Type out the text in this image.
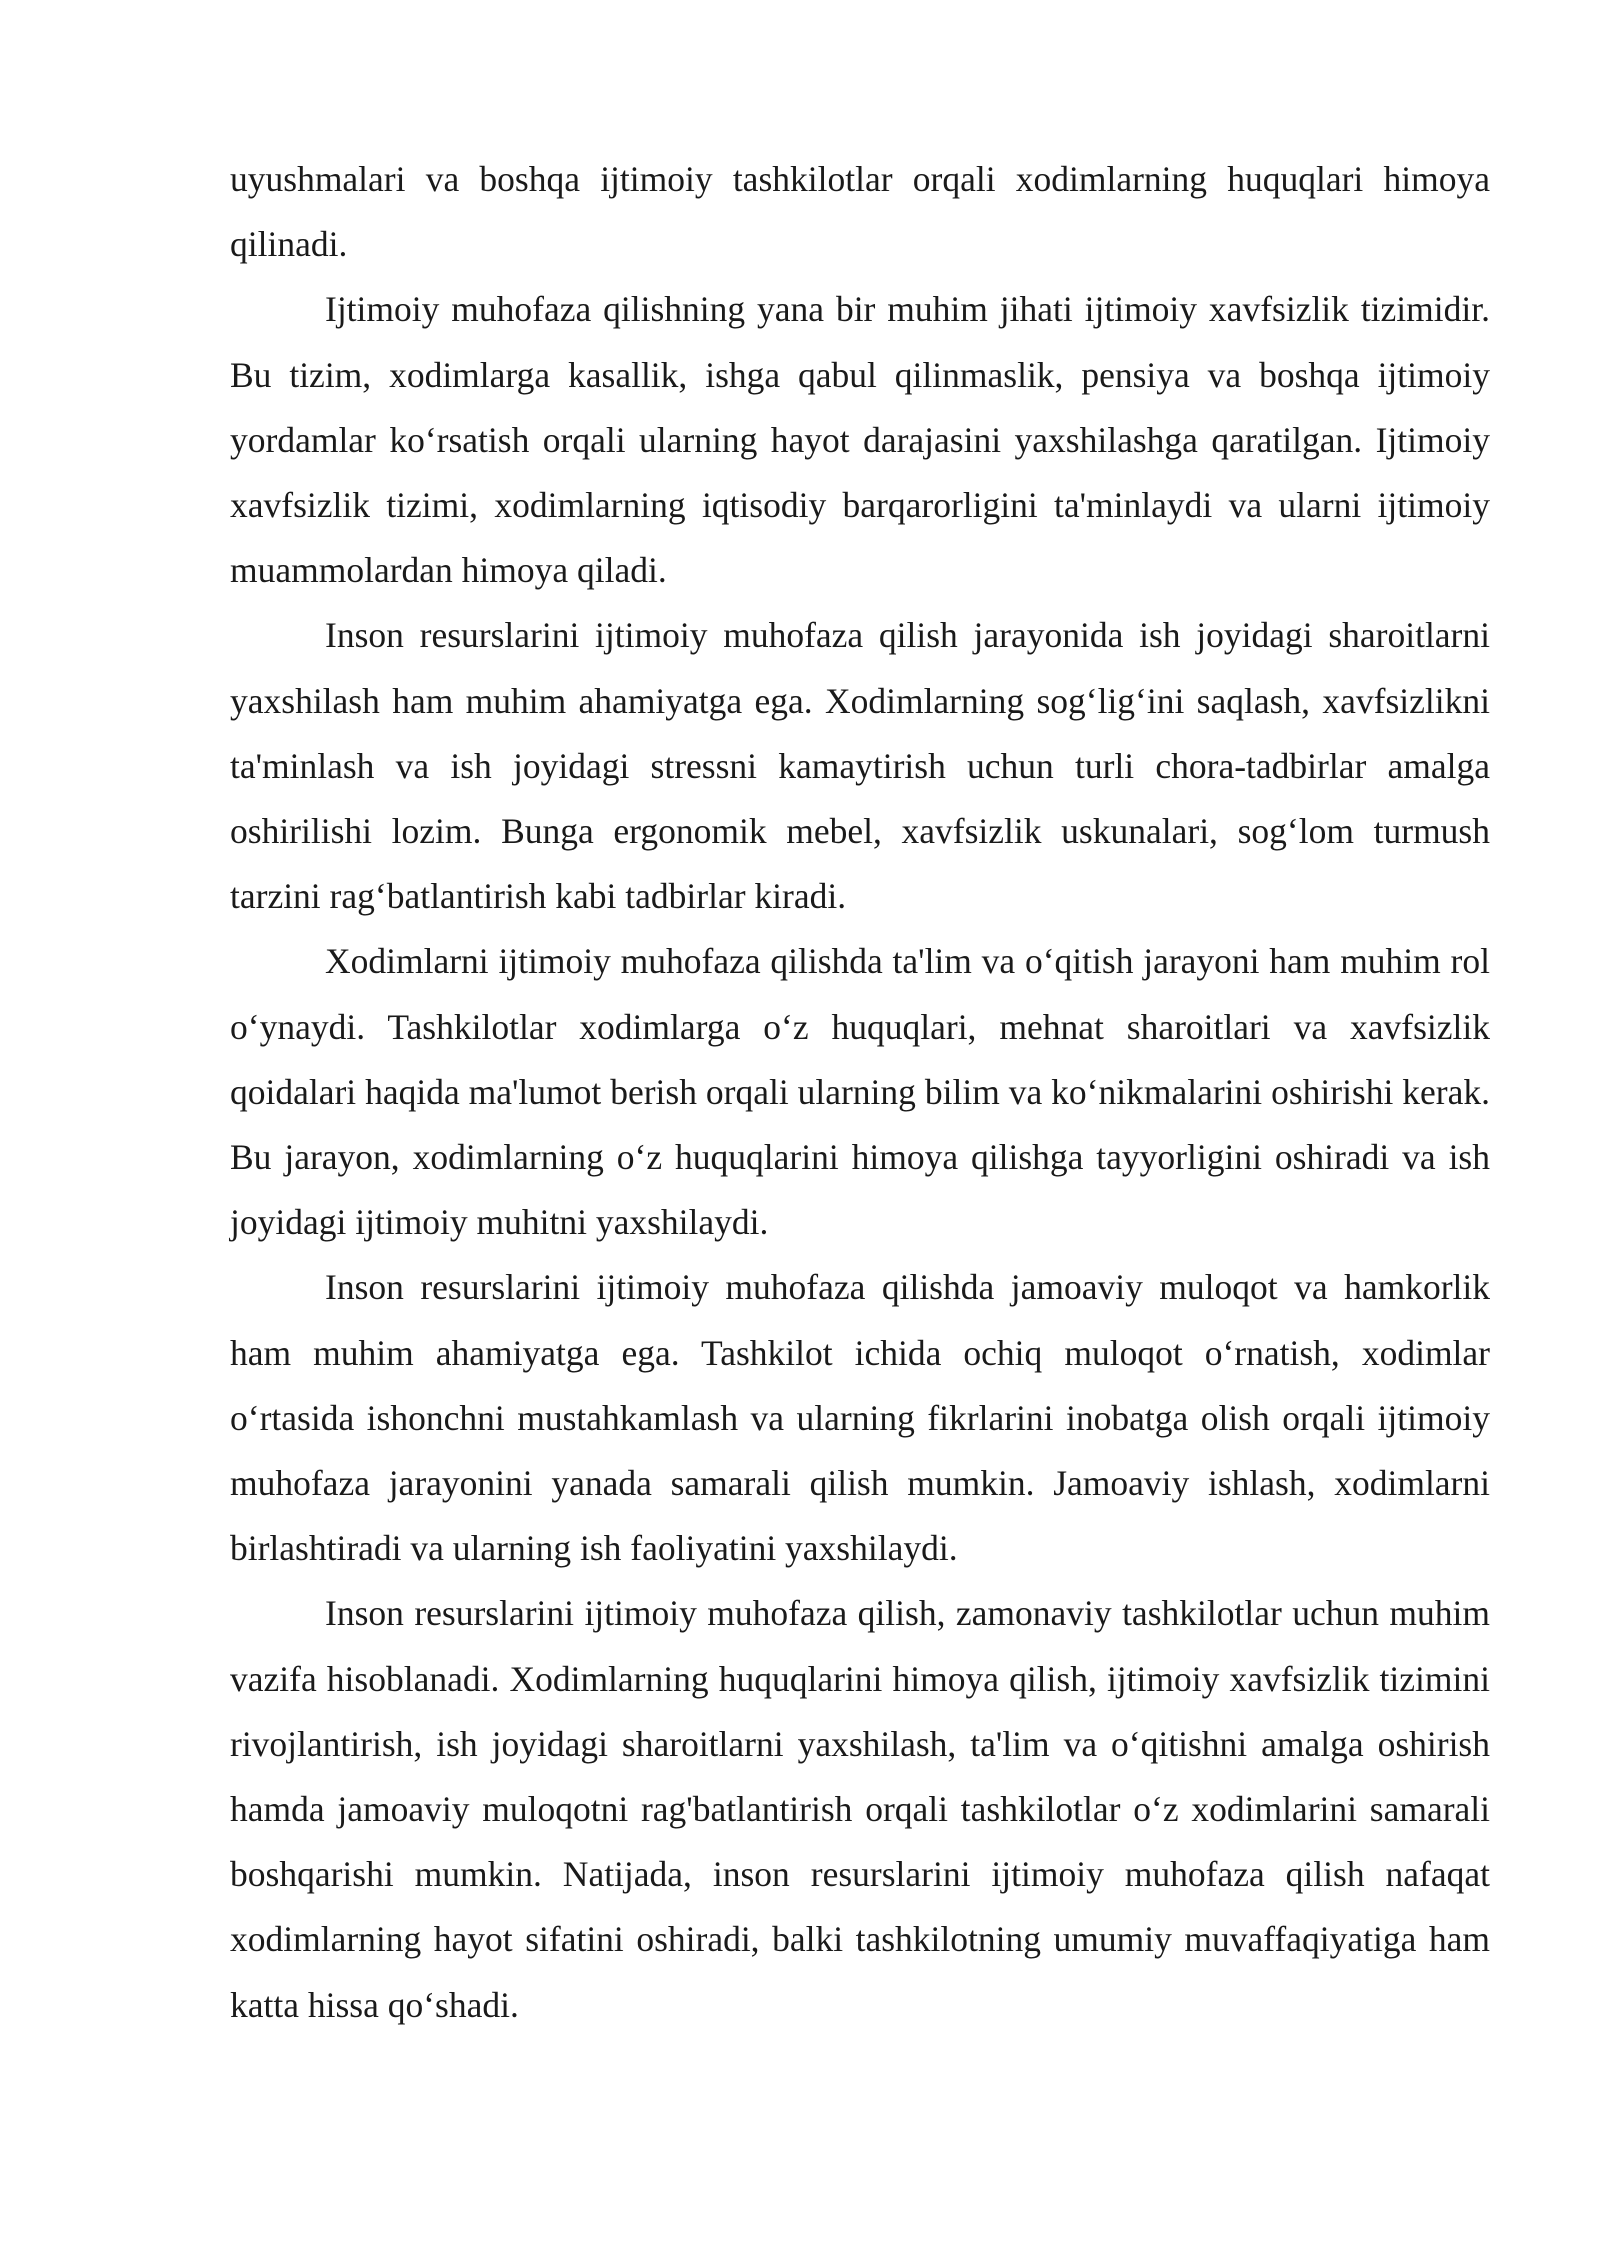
uyushmalari va boshqa ijtimoiy tashkilotlar orqali xodimlarning huquqlari himoya qilinadi.

Ijtimoiy muhofaza qilishning yana bir muhim jihati ijtimoiy xavfsizlik tizimidir. Bu tizim, xodimlarga kasallik, ishga qabul qilinmaslik, pensiya va boshqa ijtimoiy yordamlar ko‘rsatish orqali ularning hayot darajasini yaxshilashga qaratilgan. Ijtimoiy xavfsizlik tizimi, xodimlarning iqtisodiy barqarorligini ta'minlaydi va ularni ijtimoiy muammolardan himoya qiladi.

Inson resurslarini ijtimoiy muhofaza qilish jarayonida ish joyidagi sharoitlarni yaxshilash ham muhim ahamiyatga ega. Xodimlarning sog‘lig‘ini saqlash, xavfsizlikni ta'minlash va ish joyidagi stressni kamaytirish uchun turli chora-tadbirlar amalga oshirilishi lozim. Bunga ergonomik mebel, xavfsizlik uskunalari, sog‘lom turmush tarzini rag‘batlantirish kabi tadbirlar kiradi.

Xodimlarni ijtimoiy muhofaza qilishda ta'lim va o‘qitish jarayoni ham muhim rol o‘ynaydi. Tashkilotlar xodimlarga o‘z huquqlari, mehnat sharoitlari va xavfsizlik qoidalari haqida ma'lumot berish orqali ularning bilim va ko‘nikmalarini oshirishi kerak. Bu jarayon, xodimlarning o‘z huquqlarini himoya qilishga tayyorligini oshiradi va ish joyidagi ijtimoiy muhitni yaxshilaydi.

Inson resurslarini ijtimoiy muhofaza qilishda jamoaviy muloqot va hamkorlik ham muhim ahamiyatga ega. Tashkilot ichida ochiq muloqot o‘rnatish, xodimlar o‘rtasida ishonchni mustahkamlash va ularning fikrlarini inobatga olish orqali ijtimoiy muhofaza jarayonini yanada samarali qilish mumkin. Jamoaviy ishlash, xodimlarni birlashtiradi va ularning ish faoliyatini yaxshilaydi.

Inson resurslarini ijtimoiy muhofaza qilish, zamonaviy tashkilotlar uchun muhim vazifa hisoblanadi. Xodimlarning huquqlarini himoya qilish, ijtimoiy xavfsizlik tizimini rivojlantirish, ish joyidagi sharoitlarni yaxshilash, ta'lim va o‘qitishni amalga oshirish hamda jamoaviy muloqotni rag'batlantirish orqali tashkilotlar o‘z xodimlarini samarali boshqarishi mumkin. Natijada, inson resurslarini ijtimoiy muhofaza qilish nafaqat xodimlarning hayot sifatini oshiradi, balki tashkilotning umumiy muvaffaqiyatiga ham katta hissa qo‘shadi.
